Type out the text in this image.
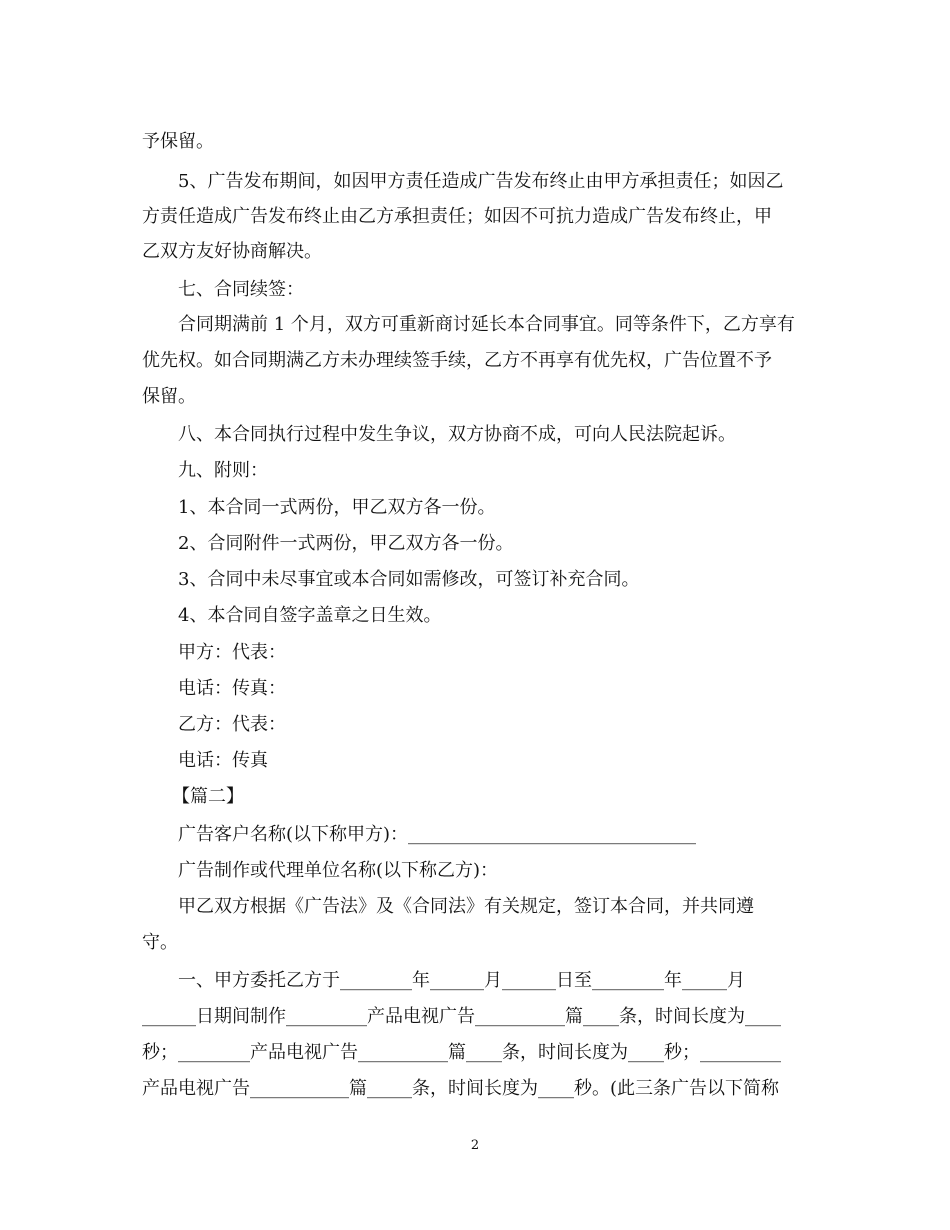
予保留。
5、广告发布期间，如因甲方责任造成广告发布终止由甲方承担责任；如因乙
方责任造成广告发布终止由乙方承担责任；如因不可抗力造成广告发布终止，甲
乙双方友好协商解决。
七、合同续签：
合同期满前 1 个月，双方可重新商讨延长本合同事宜。同等条件下，乙方享有
优先权。如合同期满乙方未办理续签手续，乙方不再享有优先权，广告位置不予
保留。
八、本合同执行过程中发生争议，双方协商不成，可向人民法院起诉。
九、附则：
1、本合同一式两份，甲乙双方各一份。
2、合同附件一式两份，甲乙双方各一份。
3、合同中未尽事宜或本合同如需修改，可签订补充合同。
4、本合同自签字盖章之日生效。
甲方：代表：
电话：传真：
乙方：代表：
电话：传真
【篇二】
广告客户名称(以下称甲方)：________________________________
广告制作或代理单位名称(以下称乙方)：
甲乙双方根据《广告法》及《合同法》有关规定，签订本合同，并共同遵
守。
一、甲方委托乙方于________年______月______日至________年_____月
______日期间制作_________产品电视广告__________篇____条，时间长度为____
秒；________产品电视广告__________篇____条，时间长度为____秒；_________
产品电视广告___________篇_____条，时间长度为____秒。(此三条广告以下简称
2
